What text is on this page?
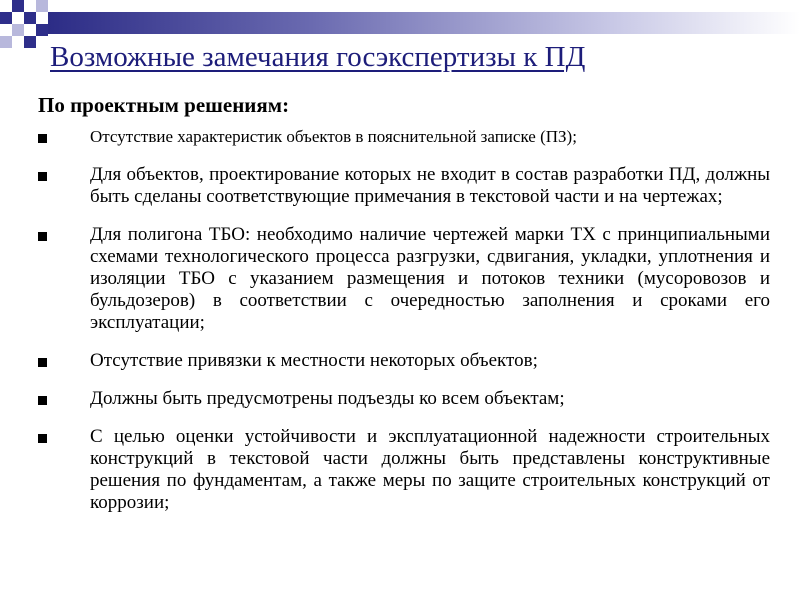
Возможные замечания госэкспертизы к ПД
По проектным решениям:
Отсутствие характеристик объектов в пояснительной записке (ПЗ);
Для объектов, проектирование которых не входит в состав разработки ПД, должны быть сделаны соответствующие примечания в текстовой части и на чертежах;
Для полигона ТБО: необходимо наличие чертежей марки ТХ с принципиальными схемами технологического процесса разгрузки, сдвигания, укладки, уплотнения и изоляции ТБО с указанием размещения и потоков техники (мусоровозов и бульдозеров) в соответствии с очередностью заполнения и сроками его эксплуатации;
Отсутствие привязки к местности некоторых объектов;
Должны быть предусмотрены подъезды ко всем объектам;
С целью оценки устойчивости и эксплуатационной надежности строительных конструкций в текстовой части должны быть представлены конструктивные решения по фундаментам, а также меры по защите строительных конструкций от коррозии;
